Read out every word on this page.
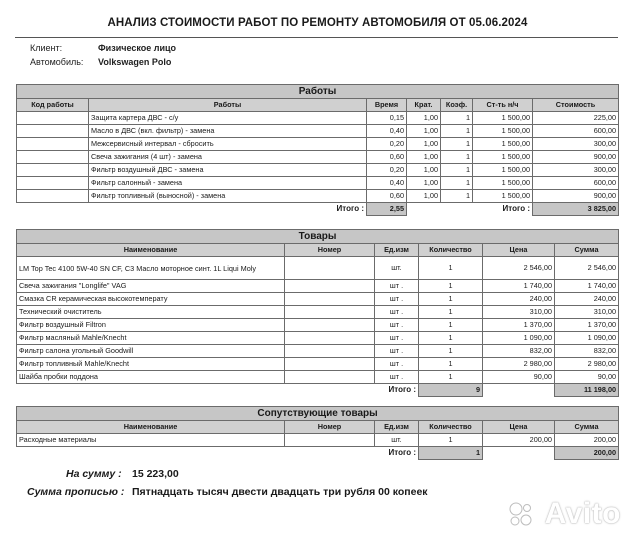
АНАЛИЗ СТОИМОСТИ РАБОТ ПО РЕМОНТУ АВТОМОБИЛЯ ОТ 05.06.2024
Клиент:	Физическое лицо
Автомобиль: Volkswagen Polo
Работы						
Код работы	Работы	Время	Крат.	Коэф.	Ст-ть н/ч	Стоимость
	Защита картера ДВС - с/у	0,15	1,00	1	1 500,00	225,00
	Масло в ДВС (вкл. фильтр) - замена	0,40	1,00	1	1 500,00	600,00
	Межсервисный интервал - сбросить	0,20	1,00	1	1 500,00	300,00
	Свеча зажигания (4 шт) - замена	0,60	1,00	1	1 500,00	900,00
	Фильтр воздушный ДВС - замена	0,20	1,00	1	1 500,00	300,00
	Фильтр салонный - замена	0,40	1,00	1	1 500,00	600,00
	Фильтр топливный (выносной) - замена	0,60	1,00	1	1 500,00	900,00
	Итого :	2,55			Итого :	3 825,00
Товары					
Наименование	Номер	Ед.изм	Количество	Цена	Сумма
LM Top Tec 4100 5W-40 SN CF, C3 Масло моторное синт. 1L Liqui Moly		шт.	1	2 546,00	2 546,00
Свеча зажигания "Longlife" VAG		шт .	1	1 740,00	1 740,00
Смазка CR керамическая высокотемперату		шт .	1	240,00	240,00
Технический очиститель		шт .	1	310,00	310,00
Фильтр воздушный Filtron		шт .	1	1 370,00	1 370,00
Фильтр масляный Mahle/Knecht		шт .	1	1 090,00	1 090,00
Фильтр салона угольный Goodwill		шт .	1	832,00	832,00
Фильтр топливный Mahle/Knecht		шт .	1	2 980,00	2 980,00
Шайба пробки поддона		шт .	1	90,00	90,00
		Итого :	9		11 198,00
Сопутствующие товары					
Наименование	Номер	Ед.изм	Количество	Цена	Сумма
Расходные материалы		шт.	1	200,00	200,00
		Итого :	1		200,00
На сумму : 15 223,00
Сумма прописью : Пятнадцать тысяч двести двадцать три рубля 00 копеек
Avito
